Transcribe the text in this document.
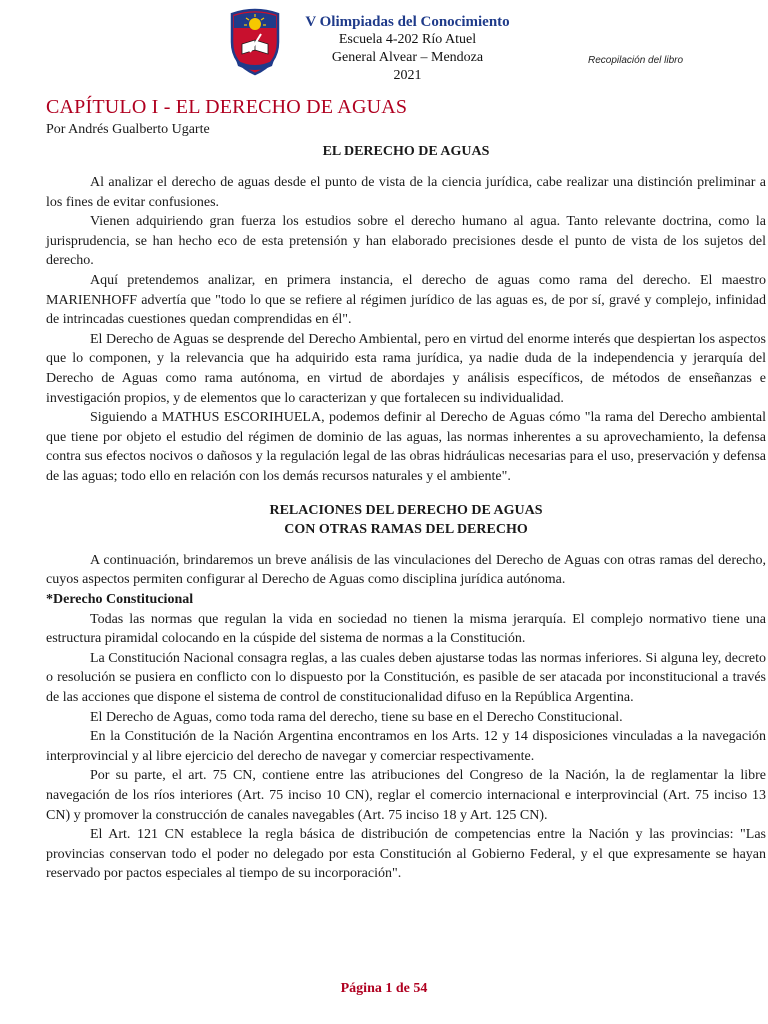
V Olimpiadas del Conocimiento
Escuela 4-202 Río Atuel
General Alvear – Mendoza
2021
Recopilación del libro
CAPÍTULO I - EL DERECHO DE AGUAS

Por Andrés Gualberto Ugarte

EL DERECHO DE AGUAS

Al analizar el derecho de aguas desde el punto de vista de la ciencia jurídica, cabe realizar una distinción preliminar a los fines de evitar confusiones.

Vienen adquiriendo gran fuerza los estudios sobre el derecho humano al agua. Tanto relevante doctrina, como la jurisprudencia, se han hecho eco de esta pretensión y han elaborado precisiones desde el punto de vista de los sujetos del derecho.

Aquí pretendemos analizar, en primera instancia, el derecho de aguas como rama del derecho. El maestro MARIENHOFF advertía que "todo lo que se refiere al régimen jurídico de las aguas es, de por sí, gravé y complejo, infinidad de intrincadas cuestiones quedan comprendidas en él".

El Derecho de Aguas se desprende del Derecho Ambiental, pero en virtud del enorme interés que despiertan los aspectos que lo componen, y la relevancia que ha adquirido esta rama jurídica, ya nadie duda de la independencia y jerarquía del Derecho de Aguas como rama autónoma, en virtud de abordajes y análisis específicos, de métodos de enseñanzas e investigación propios, y de elementos que lo caracterizan y que fortalecen su individualidad.

Siguiendo a MATHUS ESCORIHUELA, podemos definir al Derecho de Aguas cómo "la rama del Derecho ambiental que tiene por objeto el estudio del régimen de dominio de las aguas, las normas inherentes a su aprovechamiento, la defensa contra sus efectos nocivos o dañosos y la regulación legal de las obras hidráulicas necesarias para el uso, preservación y defensa de las aguas; todo ello en relación con los demás recursos naturales y el ambiente".

RELACIONES DEL DERECHO DE AGUAS

CON OTRAS RAMAS DEL DERECHO

A continuación, brindaremos un breve análisis de las vinculaciones del Derecho de Aguas con otras ramas del derecho, cuyos aspectos permiten configurar al Derecho de Aguas como disciplina jurídica autónoma.

*Derecho Constitucional

Todas las normas que regulan la vida en sociedad no tienen la misma jerarquía. El complejo normativo tiene una estructura piramidal colocando en la cúspide del sistema de normas a la Constitución.

La Constitución Nacional consagra reglas, a las cuales deben ajustarse todas las normas inferiores. Si alguna ley, decreto o resolución se pusiera en conflicto con lo dispuesto por la Constitución, es pasible de ser atacada por inconstitucional a través de las acciones que dispone el sistema de control de constitucionalidad difuso en la República Argentina.

El Derecho de Aguas, como toda rama del derecho, tiene su base en el Derecho Constitucional.

En la Constitución de la Nación Argentina encontramos en los Arts. 12 y 14 disposiciones vinculadas a la navegación interprovincial y al libre ejercicio del derecho de navegar y comerciar respectivamente.

Por su parte, el art. 75 CN, contiene entre las atribuciones del Congreso de la Nación, la de reglamentar la libre navegación de los ríos interiores (Art. 75 inciso 10 CN), reglar el comercio internacional e interprovincial (Art. 75 inciso 13 CN) y promover la construcción de canales navegables (Art. 75 inciso 18 y Art. 125 CN).

El Art. 121 CN establece la regla básica de distribución de competencias entre la Nación y las provincias: "Las provincias conservan todo el poder no delegado por esta Constitución al Gobierno Federal, y el que expresamente se hayan reservado por pactos especiales al tiempo de su incorporación".

Página 1 de 54
